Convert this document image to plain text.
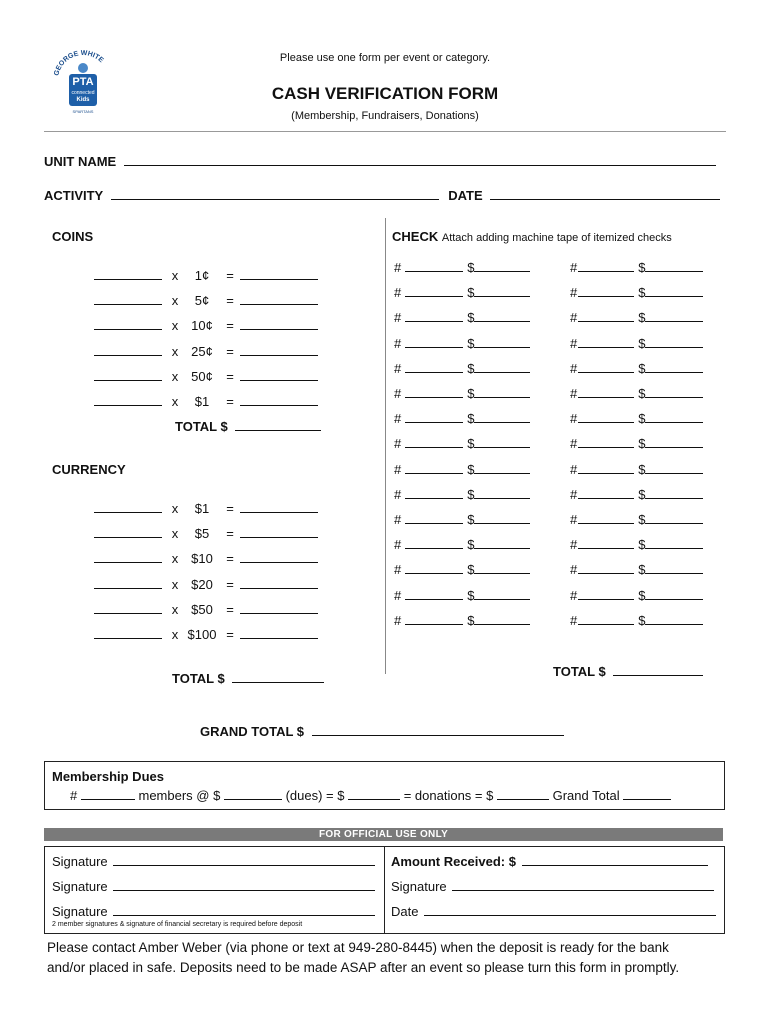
GEORGE WHITE
PTA
connected
Kids
SPARTANS
Please use one form per event or category.
CASH VERIFICATION FORM
(Membership, Fundraisers, Donations)
UNIT NAME
ACTIVITY	DATE
COINS
x 1¢ =
x 5¢ =
x 10¢ =
x 25¢ =
x 50¢ =
x $1 =
TOTAL $
CURRENCY
x $1 =
x $5 =
x $10 =
x $20 =
x $50 =
x $100 =
TOTAL $
CHECK Attach adding machine tape of itemized checks
#	$
#	$
#	$
#	$
#	$
#	$
#	$
#	$
#	$
#	$
#	$
#	$
#	$
#	$
#	$
#	$
#	$
#	$
#	$
#	$
#	$
#	$
#	$
#	$
#	$
#	$
#	$
#	$
#	$
#	$
TOTAL $
GRAND TOTAL $
Membership Dues
#	members @ $	(dues) = $	= donations = $	Grand Total
FOR OFFICIAL USE ONLY
Signature
Signature
Signature
2 member signatures & signature of financial secretary is required before deposit
Amount Received: $
Signature
Date
Please contact Amber Weber (via phone or text at 949-280-8445) when the deposit is ready for the bank
and/or placed in safe. Deposits need to be made ASAP after an event so please turn this form in promptly.
